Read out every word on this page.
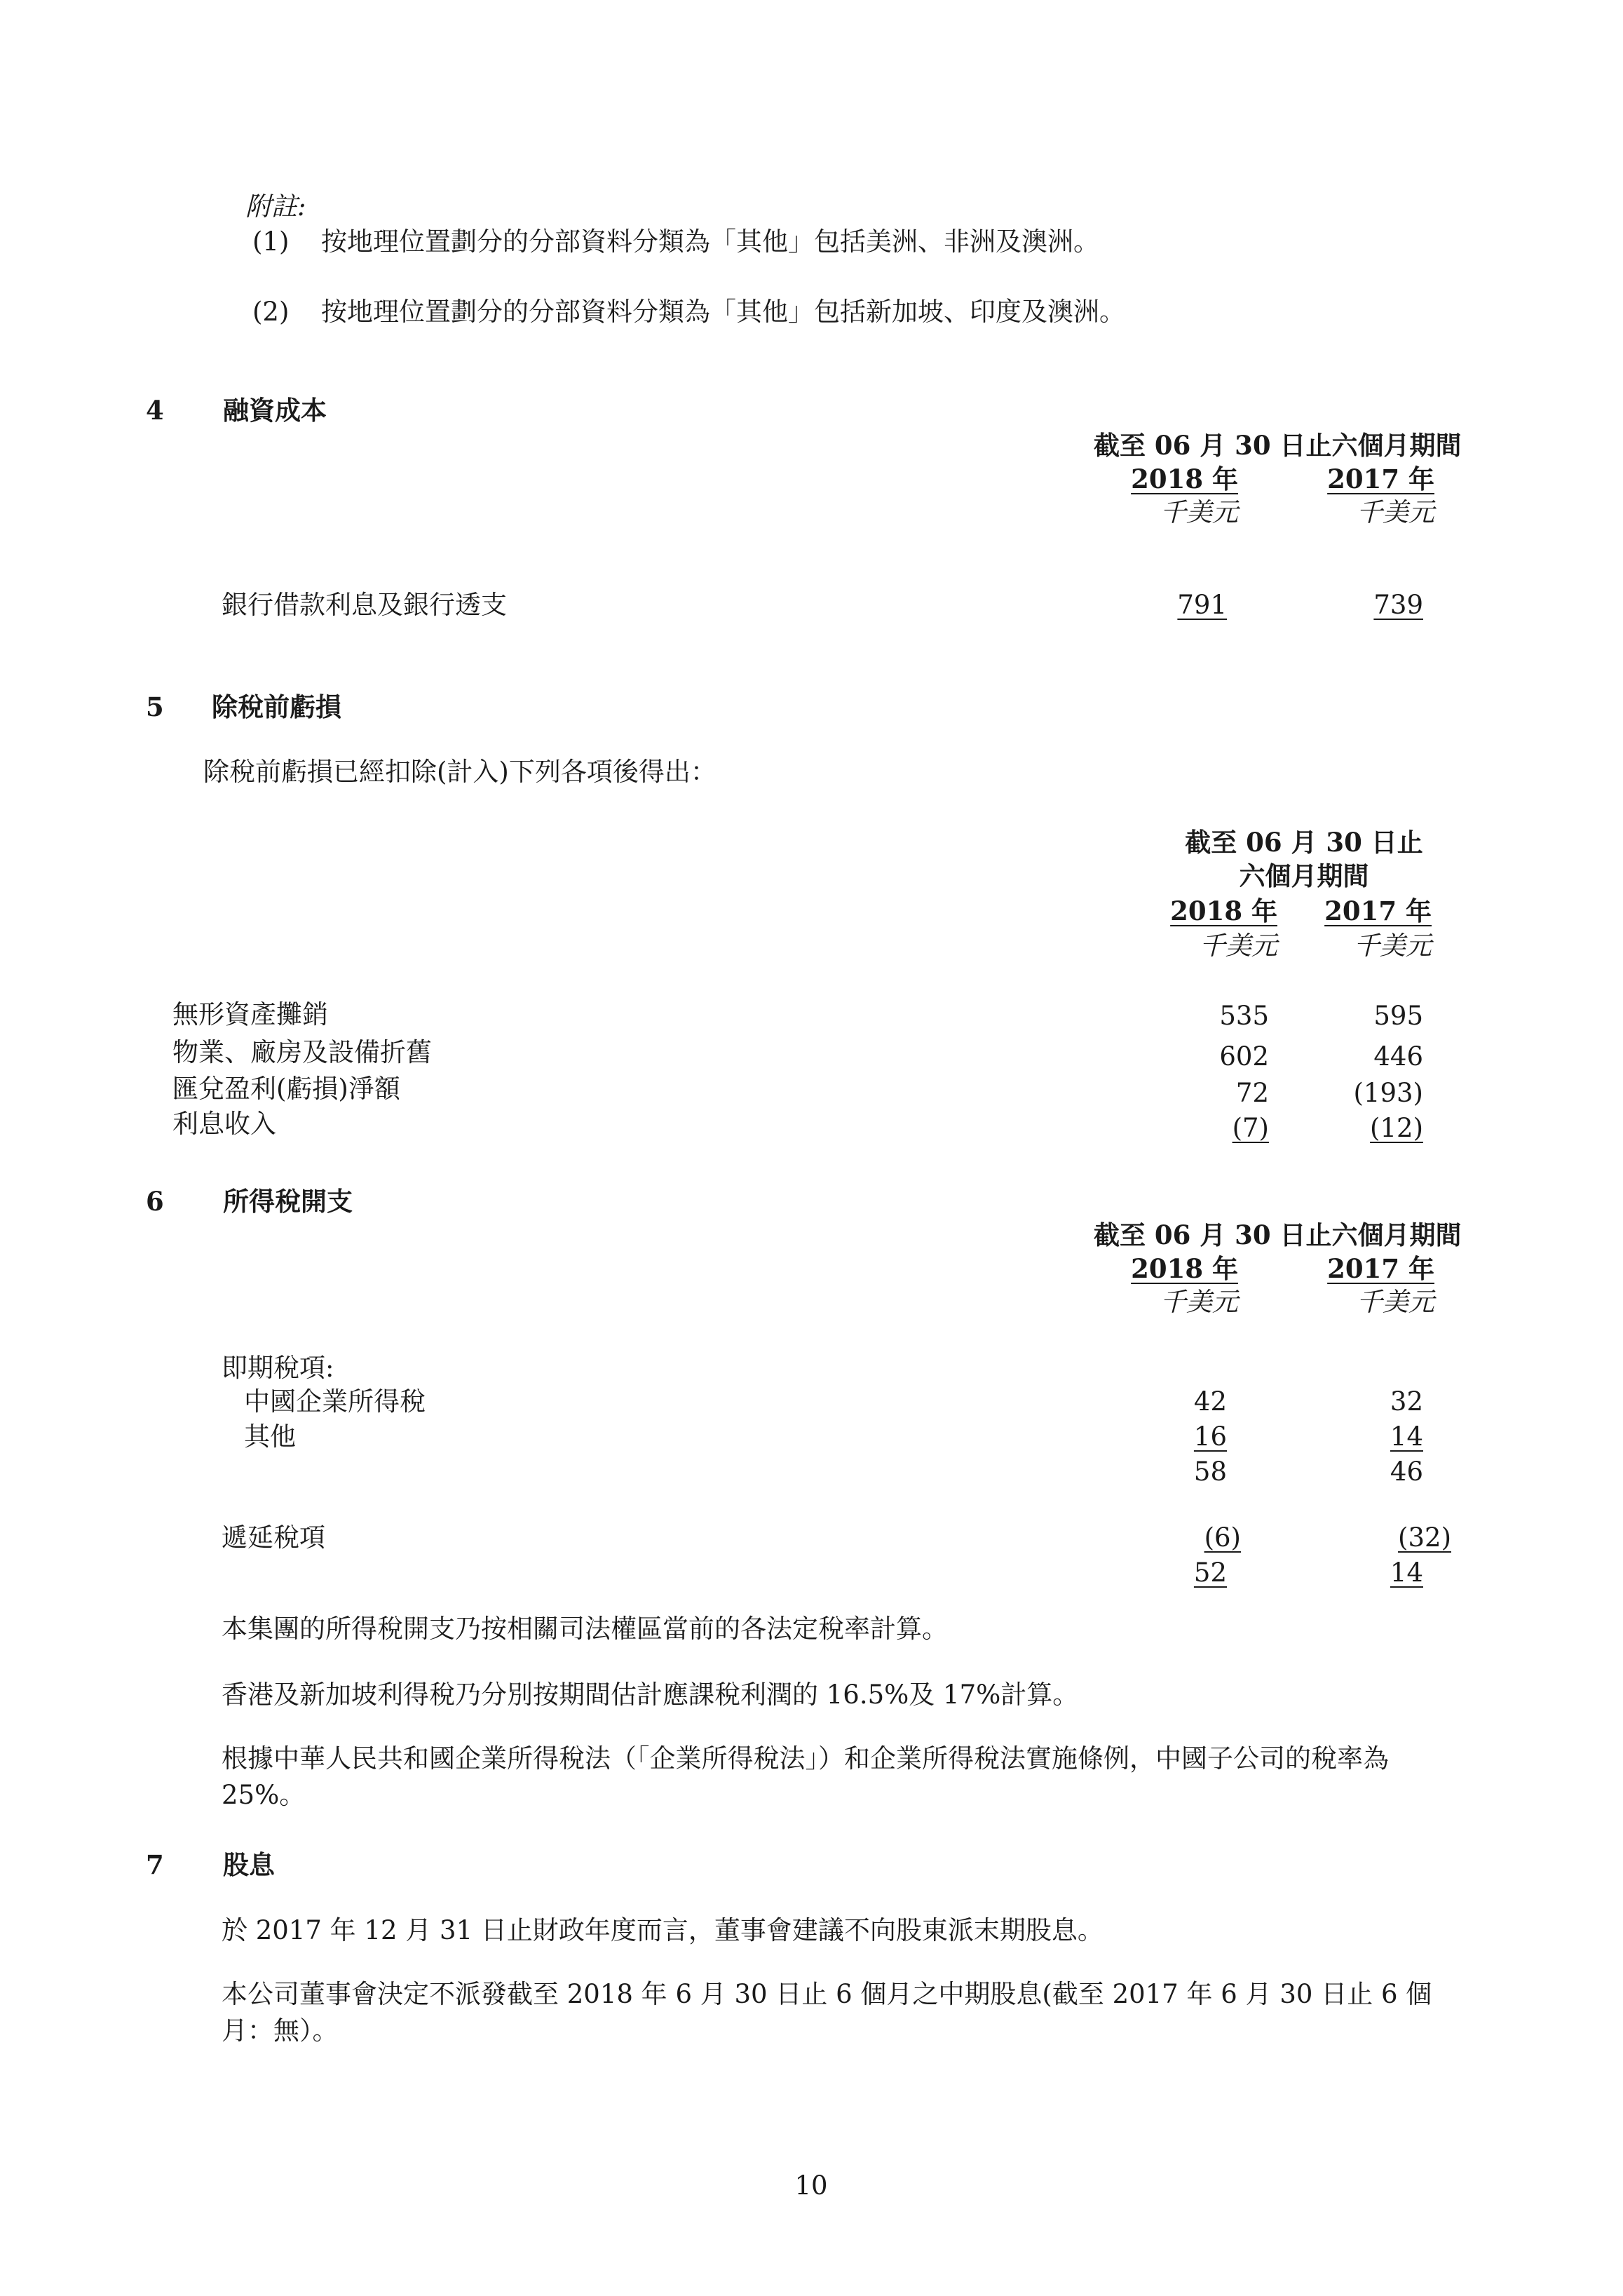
附註:
(1) 按地理位置劃分的分部資料分類為「其他」包括美洲、非洲及澳洲。
(2) 按地理位置劃分的分部資料分類為「其他」包括新加坡、印度及澳洲。
4 融資成本
截至 06 月 30 日止六個月期間
2018 年	2017 年
千美元	千美元
銀行借款利息及銀行透支	791	739
5 除稅前虧損
除稅前虧損已經扣除(計入)下列各項後得出：
截至 06 月 30 日止
六個月期間
2018 年	2017 年
千美元	千美元
無形資產攤銷	535	595
物業、廠房及設備折舊	602	446
匯兌盈利(虧損)淨額	72	(193)
利息收入	(7)	(12)
6 所得稅開支
截至 06 月 30 日止六個月期間
2018 年	2017 年
千美元	千美元
即期稅項:
中國企業所得稅	42	32
其他	16	14
58	46
遞延稅項	(6)	(32)
52	14
本集團的所得稅開支乃按相關司法權區當前的各法定稅率計算。
香港及新加坡利得稅乃分別按期間估計應課稅利潤的 16.5%及 17%計算。
根據中華人民共和國企業所得稅法（「企業所得稅法」）和企業所得稅法實施條例，中國子公司的稅率為 25%。
7 股息
於 2017 年 12 月 31 日止財政年度而言，董事會建議不向股東派末期股息。
本公司董事會決定不派發截至 2018 年 6 月 30 日止 6 個月之中期股息(截至 2017 年 6 月 30 日止 6 個月：無）。
10
